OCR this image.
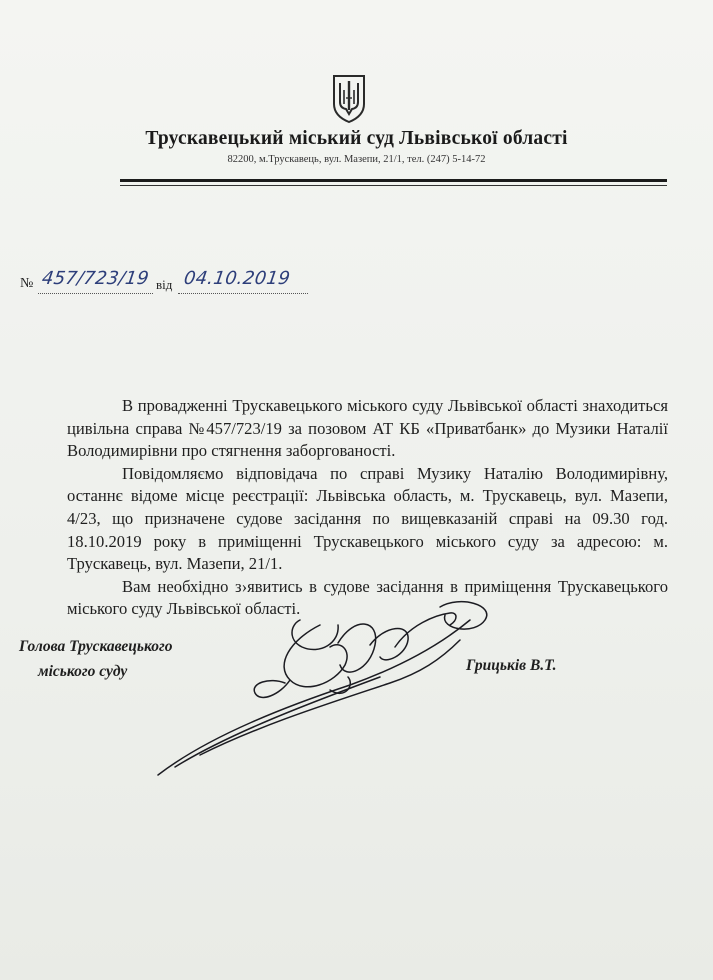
Трускавецький міський суд Львівської області
82200, м.Трускавець, вул. Мазепи, 21/1, тел. (247) 5-14-72
№ 457/723/19 від 04.10.2019

В провадженні Трускавецького міського суду Львівської області знаходиться цивільна справа №457/723/19 за позовом АТ КБ «Приватбанк» до Музики Наталії Володимирівни про стягнення заборгованості.

Повідомляємо відповідача по справі Музику Наталію Володимирівну, останнє відоме місце реєстрації: Львівська область, м. Трускавець, вул. Мазепи, 4/23, що призначене судове засідання по вищевказаній справі на 09.30 год. 18.10.2019 року в приміщенні Трускавецького міського суду за адресою: м. Трускавець, вул. Мазепи, 21/1.

Вам необхідно з›явитись в судове засідання в приміщення Трускавецького міського суду Львівської області.

Голова Трускавецького
міського суду	Грицьків В.Т.
